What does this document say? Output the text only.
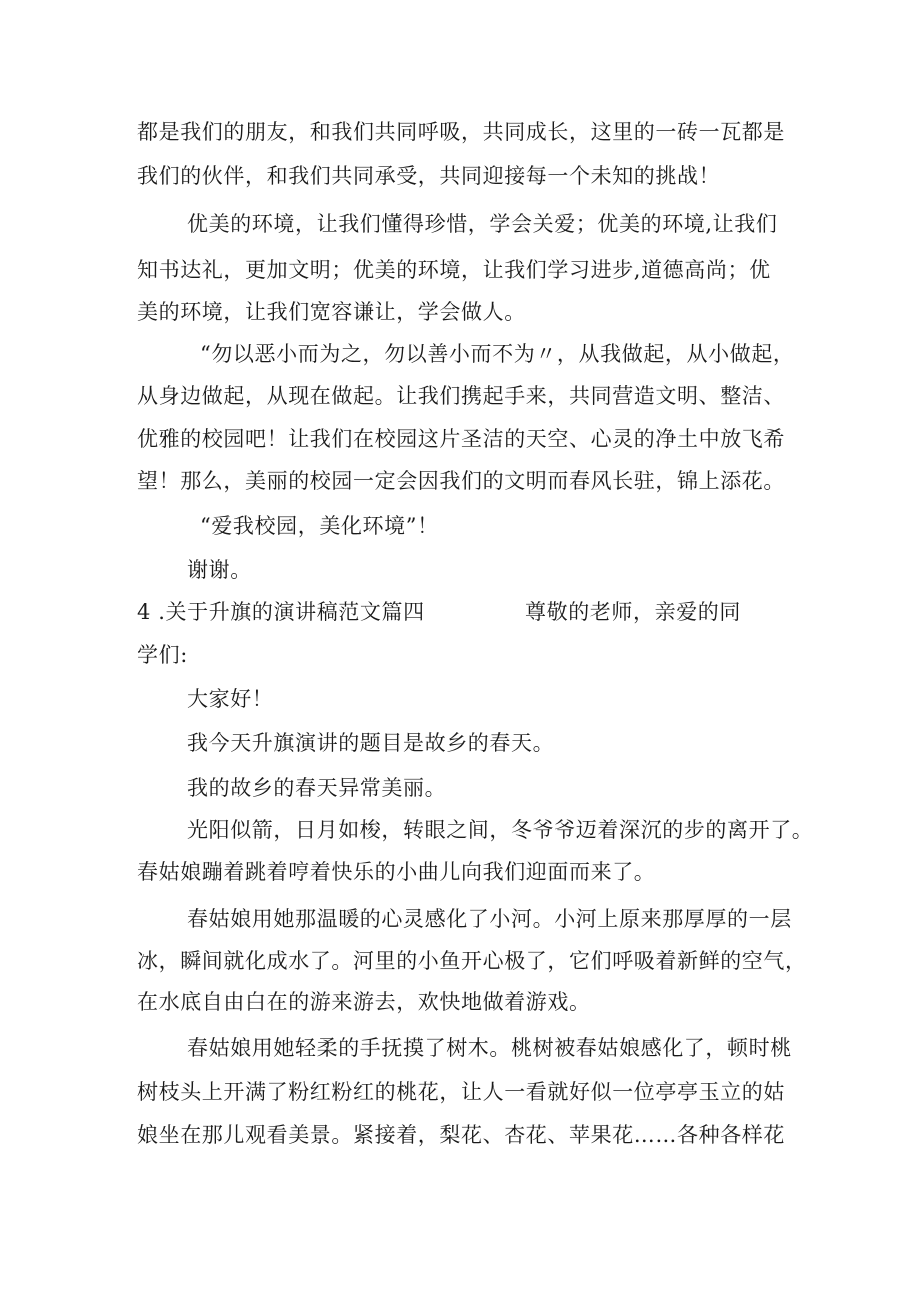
都是我们的朋友，和我们共同呼吸，共同成长，这里的一砖一瓦都是
我们的伙伴，和我们共同承受，共同迎接每一个未知的挑战！
优美的环境，让我们懂得珍惜，学会关爱；优美的环境,让我们
知书达礼，更加文明；优美的环境，让我们学习进步,道德高尚；优
美的环境，让我们宽容谦让，学会做人。
“勿以恶小而为之，勿以善小而不为〃，从我做起，从小做起，
从身边做起，从现在做起。让我们携起手来，共同营造文明、整洁、
优雅的校园吧！让我们在校园这片圣洁的天空、心灵的净土中放飞希
望！那么，美丽的校园一定会因我们的文明而春风长驻，锦上添花。
“爱我校园，美化环境”！
谢谢。
4 .关于升旗的演讲稿范文篇四	尊敬的老师，亲爱的同
学们:
大家好！
我今天升旗演讲的题目是故乡的春天。
我的故乡的春天异常美丽。
光阳似箭，日月如梭，转眼之间，冬爷爷迈着深沉的步的离开了。
春姑娘蹦着跳着哼着快乐的小曲儿向我们迎面而来了。
春姑娘用她那温暖的心灵感化了小河。小河上原来那厚厚的一层
冰，瞬间就化成水了。河里的小鱼开心极了，它们呼吸着新鲜的空气，
在水底自由白在的游来游去，欢快地做着游戏。
春姑娘用她轻柔的手抚摸了树木。桃树被春姑娘感化了，顿时桃
树枝头上开满了粉红粉红的桃花，让人一看就好似一位亭亭玉立的姑
娘坐在那儿观看美景。紧接着，梨花、杏花、苹果花……各种各样花
